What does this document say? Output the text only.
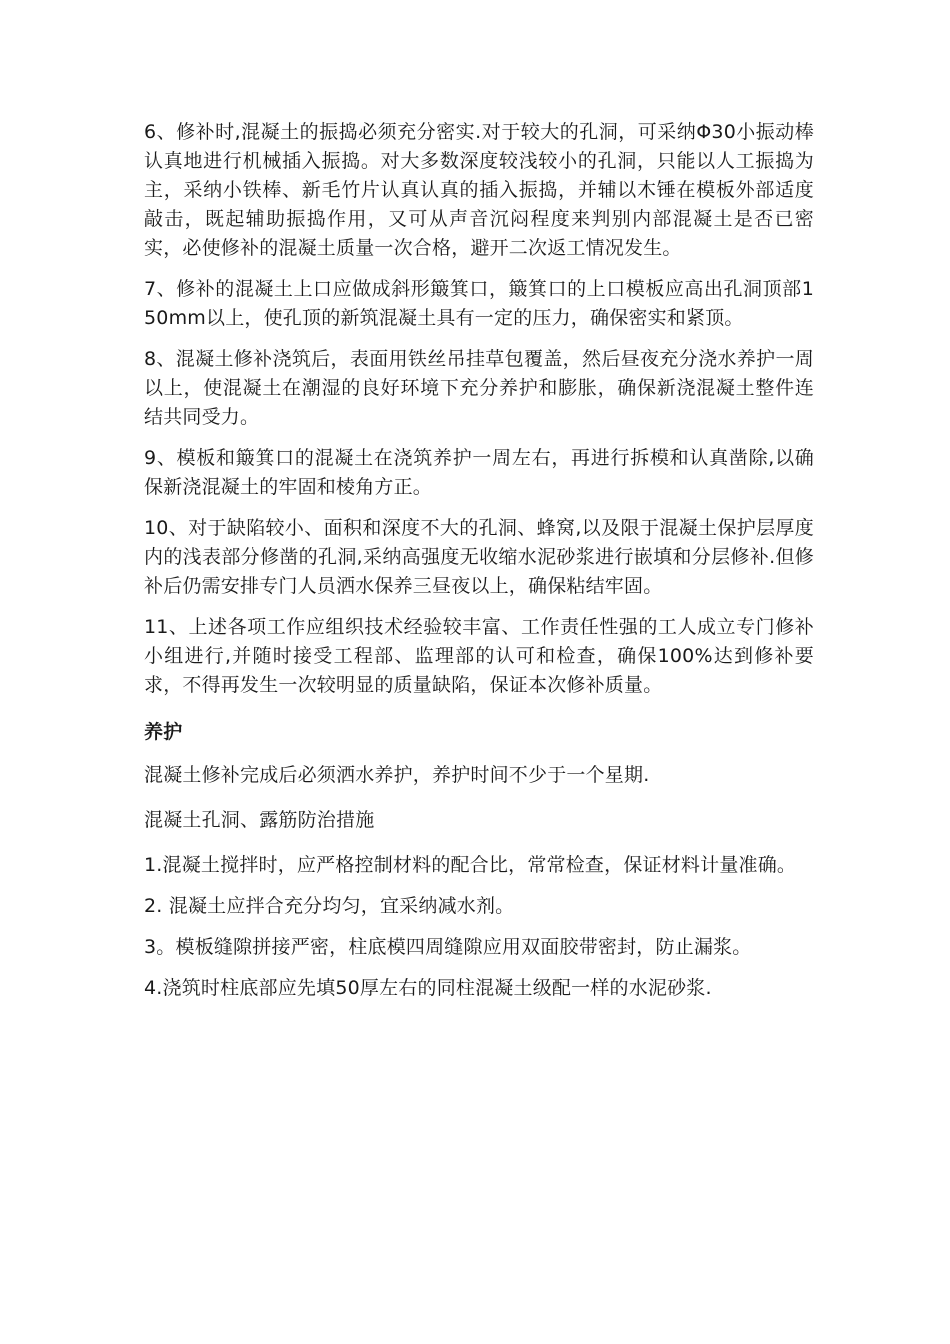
6、修补时,混凝土的振捣必须充分密实.对于较大的孔洞，可采纳Φ30小振动棒认真地进行机械插入振捣。对大多数深度较浅较小的孔洞，只能以人工振捣为主，采纳小铁棒、新毛竹片认真认真的插入振捣，并辅以木锤在模板外部适度敲击，既起辅助振捣作用，又可从声音沉闷程度来判别内部混凝土是否已密实，必使修补的混凝土质量一次合格，避开二次返工情况发生。

7、修补的混凝土上口应做成斜形簸箕口，簸箕口的上口模板应高出孔洞顶部150mm以上，使孔顶的新筑混凝土具有一定的压力，确保密实和紧顶。

8、混凝土修补浇筑后，表面用铁丝吊挂草包覆盖，然后昼夜充分浇水养护一周以上，使混凝土在潮湿的良好环境下充分养护和膨胀，确保新浇混凝土整件连结共同受力。

9、模板和簸箕口的混凝土在浇筑养护一周左右，再进行拆模和认真凿除,以确保新浇混凝土的牢固和棱角方正。

10、对于缺陷较小、面积和深度不大的孔洞、蜂窝,以及限于混凝土保护层厚度内的浅表部分修凿的孔洞,采纳高强度无收缩水泥砂浆进行嵌填和分层修补.但修补后仍需安排专门人员洒水保养三昼夜以上，确保粘结牢固。

11、上述各项工作应组织技术经验较丰富、工作责任性强的工人成立专门修补小组进行,并随时接受工程部、监理部的认可和检查，确保100%达到修补要求，不得再发生一次较明显的质量缺陷，保证本次修补质量。

养护

混凝土修补完成后必须洒水养护，养护时间不少于一个星期.

混凝土孔洞、露筋防治措施

1.混凝土搅拌时，应严格控制材料的配合比，常常检查，保证材料计量准确。

2. 混凝土应拌合充分均匀，宜采纳减水剂。

3。模板缝隙拼接严密，柱底模四周缝隙应用双面胶带密封，防止漏浆。

4.浇筑时柱底部应先填50厚左右的同柱混凝土级配一样的水泥砂浆.
